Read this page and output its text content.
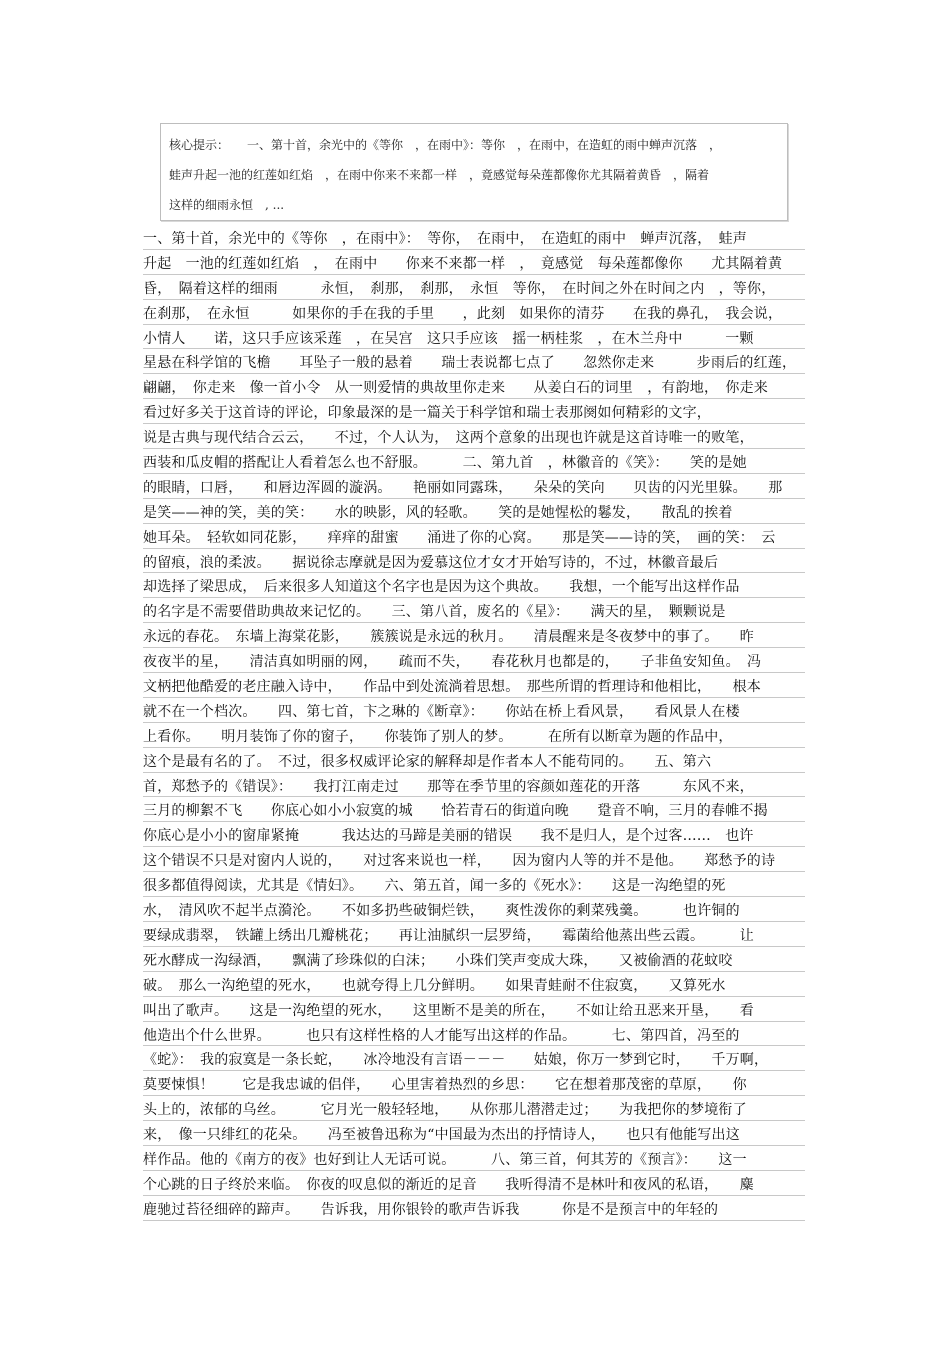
核心提示：　　一、第十首，余光中的《等你　，在雨中》：等你　，在雨中，在造虹的雨中蝉声沉落　，
蛙声升起一池的红莲如红焰　，在雨中你来不来都一样　，竟感觉每朵莲都像你尤其隔着黄昏　，隔着
这样的细雨永恒　, ...
一、第十首，余光中的《等你　，在雨中》：　等你，　在雨中，　在造虹的雨中　蝉声沉落，　蛙声
升起　一池的红莲如红焰　，　在雨中　　你来不来都一样　，　竟感觉　每朵莲都像你　　尤其隔着黄
昏，　隔着这样的细雨　　　永恒，　刹那，　刹那，　永恒　等你，　在时间之外在时间之内　，等你，
在刹那，　在永恒　　　如果你的手在我的手里　　，此刻　如果你的清芬　　在我的鼻孔，　我会说，
小情人　　诺，这只手应该采莲　，在吴宫　这只手应该　摇一柄桂浆　，在木兰舟中　　　一颗
星悬在科学馆的飞檐　　耳坠子一般的悬着　　瑞士表说都七点了　　忽然你走来　　　步雨后的红莲，
翩翩，　你走来　像一首小令　从一则爱情的典故里你走来　　从姜白石的词里　，有韵地，　你走来
看过好多关于这首诗的评论，印象最深的是一篇关于科学馆和瑞士表那阕如何精彩的文字，
说是古典与现代结合云云，　　不过，个人认为，　这两个意象的出现也许就是这首诗唯一的败笔，
西装和瓜皮帽的搭配让人看着怎么也不舒服。　　　二、第九首　，林徽音的《笑》：　　笑的是她
的眼睛，口唇，　　和唇边浑圆的漩涡。　　艳丽如同露珠，　　朵朵的笑向　　贝齿的闪光里躲。　　那
是笑——神的笑，美的笑：　　水的映影，风的轻歌。　　笑的是她惺松的鬈发，　　散乱的挨着
她耳朵。　轻软如同花影，　　痒痒的甜蜜　　涌进了你的心窝。　　那是笑——诗的笑，　画的笑：　云
的留痕，浪的柔波。　　据说徐志摩就是因为爱慕这位才女才开始写诗的，不过，林徽音最后
却选择了梁思成，　后来很多人知道这个名字也是因为这个典故。　　我想，一个能写出这样作品
的名字是不需要借助典故来记忆的。　　三、第八首，废名的《星》：　　满天的星，　颗颗说是
永远的春花。　东墙上海棠花影，　　簇簇说是永远的秋月。　　清晨醒来是冬夜梦中的事了。　　昨
夜夜半的星，　　清洁真如明丽的网，　　疏而不失，　　春花秋月也都是的，　　子非鱼安知鱼。　冯
文柄把他酷爱的老庄融入诗中，　　作品中到处流淌着思想。　那些所谓的哲理诗和他相比，　　根本
就不在一个档次。　　四、第七首，卞之琳的《断章》：　　你站在桥上看风景，　　看风景人在楼
上看你。　　明月装饰了你的窗子，　　你装饰了别人的梦。　　　在所有以断章为题的作品中，
这个是最有名的了。　不过，很多权威评论家的解释却是作者本人不能苟同的。　　五、第六
首，郑愁予的《错误》：　　我打江南走过　　那等在季节里的容颜如莲花的开落　　　东风不来，
三月的柳絮不飞　　你底心如小小寂寞的城　　恰若青石的街道向晚　　跫音不响，三月的春帷不揭
你底心是小小的窗扉紧掩　　　我达达的马蹄是美丽的错误　　我不是归人，是个过客……　也许
这个错误不只是对窗内人说的，　　对过客来说也一样，　　因为窗内人等的并不是他。　　郑愁予的诗
很多都值得阅读，尤其是《情妇》。　　六、第五首，闻一多的《死水》：　　这是一沟绝望的死
水，　清风吹不起半点漪沦。　　不如多扔些破铜烂铁，　　爽性泼你的剩菜残羹。　　　也许铜的
要绿成翡翠，　铁罐上绣出几瓣桃花；　　再让油腻织一层罗绮，　　霉菌给他蒸出些云霞。　　　让
死水酵成一沟绿酒，　　飘满了珍珠似的白沫；　　小珠们笑声变成大珠，　　又被偷酒的花蚊咬
破。　那么一沟绝望的死水，　　也就夸得上几分鲜明。　　如果青蛙耐不住寂寞，　　又算死水
叫出了歌声。　　这是一沟绝望的死水，　　这里断不是美的所在，　　不如让给丑恶来开垦，　　看
他造出个什么世界。　　　也只有这样性格的人才能写出这样的作品。　　　七、第四首，冯至的
《蛇》：　我的寂寞是一条长蛇，　　冰冷地没有言语－－－　　姑娘，你万一梦到它时，　　千万啊，
莫要悚惧！　　它是我忠诚的侣伴，　　心里害着热烈的乡思：　　它在想着那茂密的草原，　　你
头上的，浓郁的乌丝。　　　它月光一般轻轻地，　　从你那儿潜潜走过；　　为我把你的梦境衔了
来，　像一只绯红的花朵。　　冯至被鲁迅称为“中国最为杰出的抒情诗人，　　也只有他能写出这
样作品。他的《南方的夜》也好到让人无话可说。　　　八、第三首，何其芳的《预言》：　　这一
个心跳的日子终於来临。　你夜的叹息似的渐近的足音　　我听得清不是林叶和夜风的私语，　　麋
鹿驰过苔径细碎的蹄声。　　告诉我，用你银铃的歌声告诉我　　　你是不是预言中的年轻的
